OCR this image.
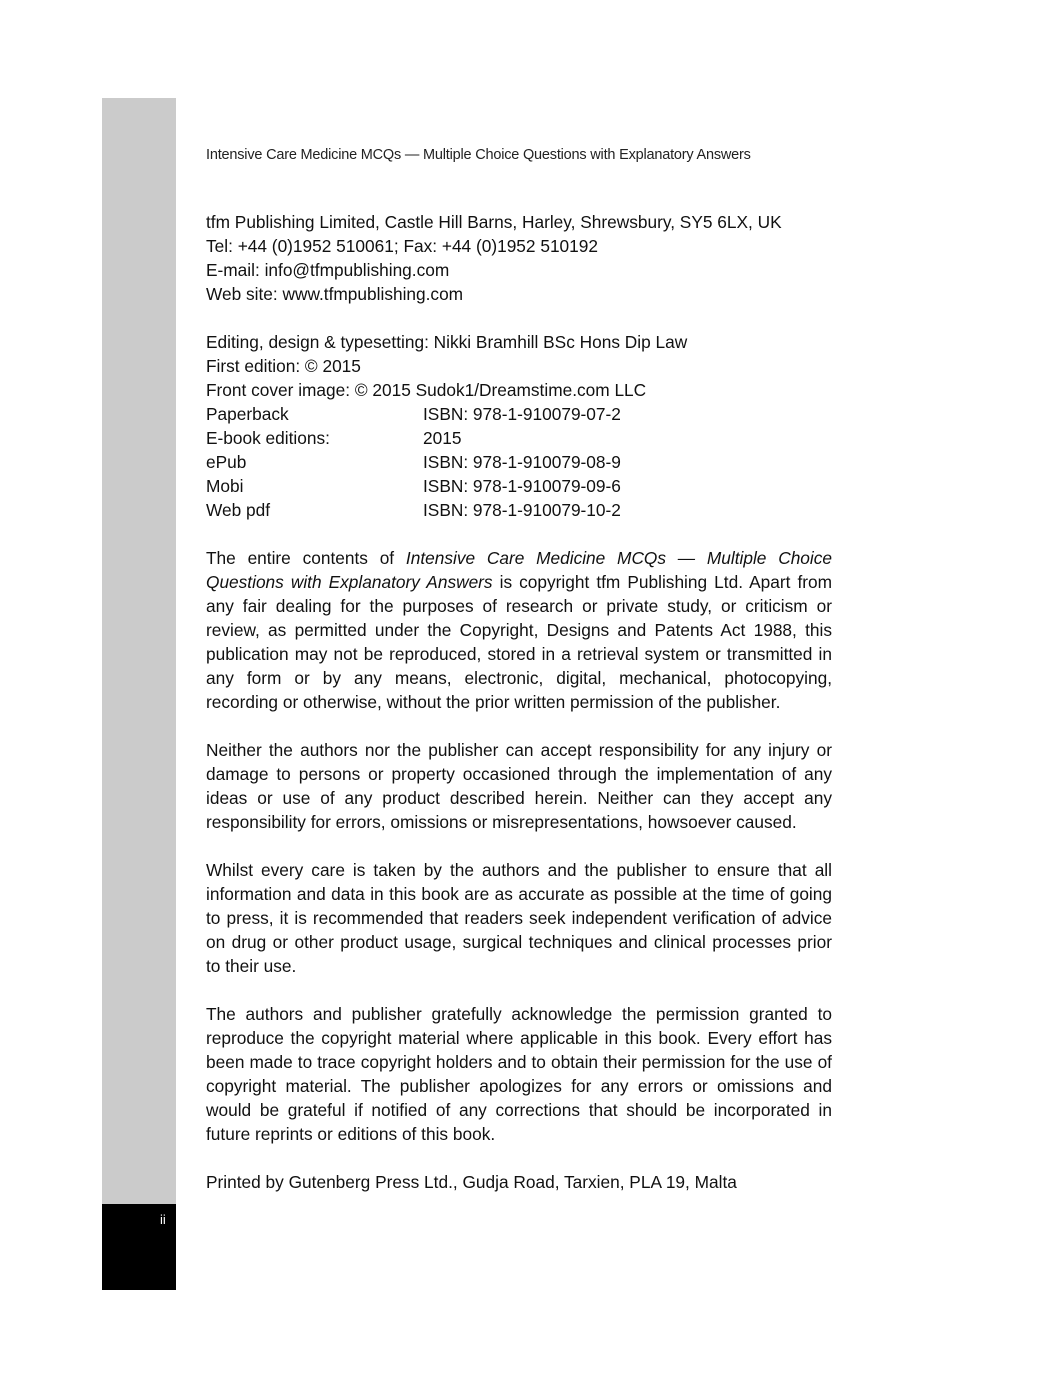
ii
Intensive Care Medicine MCQs — Multiple Choice Questions with Explanatory Answers
tfm Publishing Limited, Castle Hill Barns, Harley, Shrewsbury, SY5 6LX, UK
Tel: +44 (0)1952 510061; Fax: +44 (0)1952 510192
E-mail: info@tfmpublishing.com
Web site: www.tfmpublishing.com
Editing, design & typesetting: Nikki Bramhill BSc Hons Dip Law
First edition: © 2015
Front cover image: © 2015 Sudok1/Dreamstime.com LLC
Paperback	ISBN: 978-1-910079-07-2
E-book editions:	2015
ePub	ISBN: 978-1-910079-08-9
Mobi	ISBN: 978-1-910079-09-6
Web pdf	ISBN: 978-1-910079-10-2

The entire contents of Intensive Care Medicine MCQs — Multiple Choice Questions with Explanatory Answers is copyright tfm Publishing Ltd. Apart from any fair dealing for the purposes of research or private study, or criticism or review, as permitted under the Copyright, Designs and Patents Act 1988, this publication may not be reproduced, stored in a retrieval system or transmitted in any form or by any means, electronic, digital, mechanical, photocopying, recording or otherwise, without the prior written permission of the publisher.

Neither the authors nor the publisher can accept responsibility for any injury or damage to persons or property occasioned through the implementation of any ideas or use of any product described herein. Neither can they accept any responsibility for errors, omissions or misrepresentations, howsoever caused.

Whilst every care is taken by the authors and the publisher to ensure that all information and data in this book are as accurate as possible at the time of going to press, it is recommended that readers seek independent verification of advice on drug or other product usage, surgical techniques and clinical processes prior to their use.

The authors and publisher gratefully acknowledge the permission granted to reproduce the copyright material where applicable in this book. Every effort has been made to trace copyright holders and to obtain their permission for the use of copyright material. The publisher apologizes for any errors or omissions and would be grateful if notified of any corrections that should be incorporated in future reprints or editions of this book.

Printed by Gutenberg Press Ltd., Gudja Road, Tarxien, PLA 19, Malta
